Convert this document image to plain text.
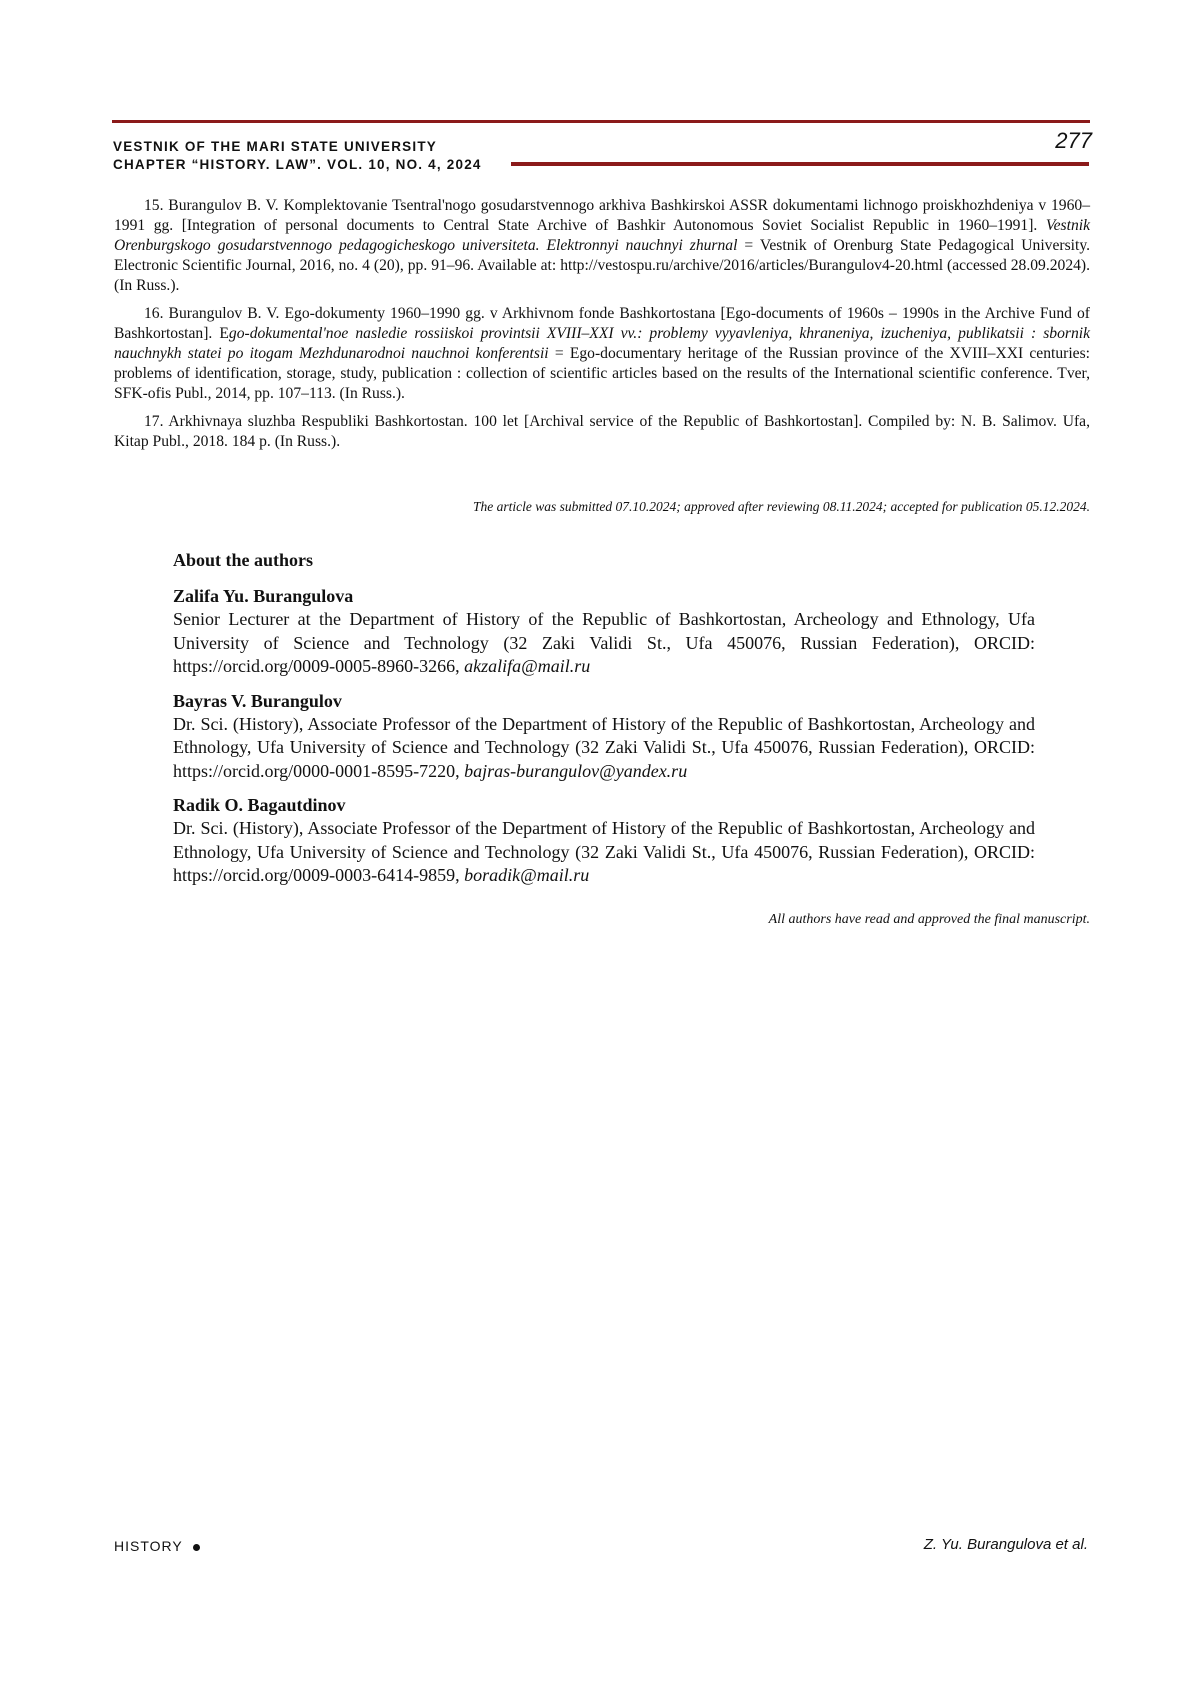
277
VESTNIK OF THE MARI STATE UNIVERSITY
CHAPTER “HISTORY. LAW”. VOL. 10, NO. 4, 2024

15. Burangulov B. V. Komplektovanie Tsentral'nogo gosudarstvennogo arkhiva Bashkirskoi ASSR dokumentami lichnogo proiskhozhdeniya v 1960–1991 gg. [Integration of personal documents to Central State Archive of Bashkir Autonomous Soviet Socialist Republic in 1960–1991]. Vestnik Orenburgskogo gosudarstvennogo pedagogicheskogo universiteta. Elektronnyi nauchnyi zhurnal = Vestnik of Orenburg State Pedagogical University. Electronic Scientific Journal, 2016, no. 4 (20), pp. 91–96. Available at: http://vestospu.ru/archive/2016/articles/Burangulov4-20.html (accessed 28.09.2024). (In Russ.).

16. Burangulov B. V. Ego-dokumenty 1960–1990 gg. v Arkhivnom fonde Bashkortostana [Ego-documents of 1960s – 1990s in the Archive Fund of Bashkortostan]. Ego-dokumental'noe nasledie rossiiskoi provintsii XVIII–XXI vv.: problemy vyyavleniya, khraneniya, izucheniya, publikatsii : sbornik nauchnykh statei po itogam Mezhdunarodnoi nauchnoi konferentsii = Ego-documentary heritage of the Russian province of the XVIII–XXI centuries: problems of identification, storage, study, publication : collection of scientific articles based on the results of the International scientific conference. Tver, SFK-ofis Publ., 2014, pp. 107–113. (In Russ.).

17. Arkhivnaya sluzhba Respubliki Bashkortostan. 100 let [Archival service of the Republic of Bashkortostan]. Compiled by: N. B. Salimov. Ufa, Kitap Publ., 2018. 184 p. (In Russ.).

The article was submitted 07.10.2024; approved after reviewing 08.11.2024; accepted for publication 05.12.2024.
About the authors
Zalifa Yu. Burangulova
Senior Lecturer at the Department of History of the Republic of Bashkortostan, Archeology and Ethnology, Ufa University of Science and Technology (32 Zaki Validi St., Ufa 450076, Russian Federation), ORCID: https://orcid.org/0009-0005-8960-3266, akzalifa@mail.ru
Bayras V. Burangulov
Dr. Sci. (History), Associate Professor of the Department of History of the Republic of Bashkortostan, Archeology and Ethnology, Ufa University of Science and Technology (32 Zaki Validi St., Ufa 450076, Russian Federation), ORCID: https://orcid.org/0000-0001-8595-7220, bajras-burangulov@yandex.ru
Radik O. Bagautdinov
Dr. Sci. (History), Associate Professor of the Department of History of the Republic of Bashkortostan, Archeology and Ethnology, Ufa University of Science and Technology (32 Zaki Validi St., Ufa 450076, Russian Federation), ORCID: https://orcid.org/0009-0003-6414-9859, boradik@mail.ru
All authors have read and approved the final manuscript.
HISTORY	Z. Yu. Burangulova et al.
